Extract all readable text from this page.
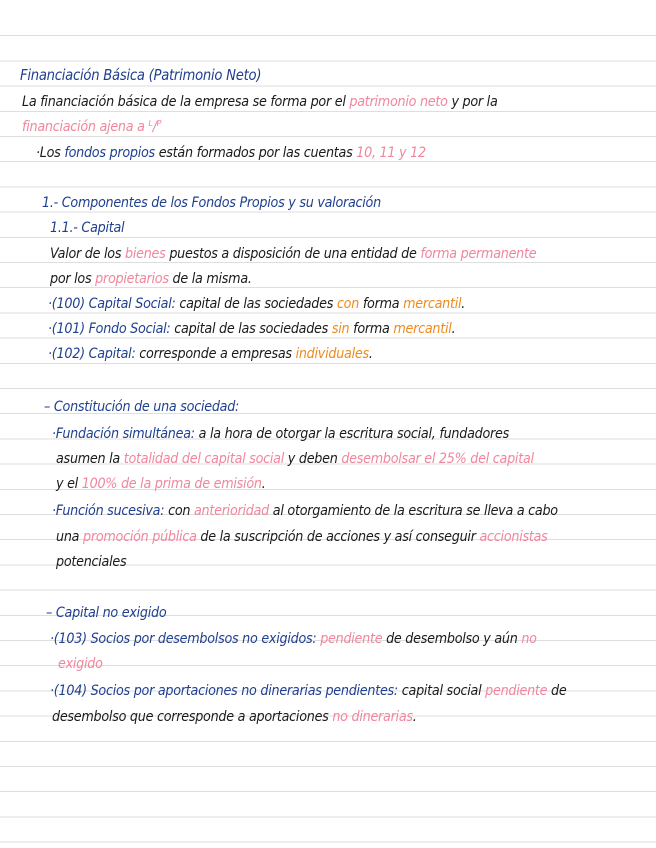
Financiación Básica (Patrimonio Neto)
La financiación básica de la empresa se forma por el patrimonio neto y por la
financiación ajena a ᴸ/ᴾ
·Los fondos propios están formados por las cuentas 10, 11 y 12
1.- Componentes de los Fondos Propios y su valoración
1.1.- Capital
Valor de los bienes puestos a disposición de una entidad de forma permanente
por los propietarios de la misma.
·(100) Capital Social: capital de las sociedades con forma mercantil.
·(101) Fondo Social: capital de las sociedades sin forma mercantil.
·(102) Capital: corresponde a empresas individuales.
– Constitución de una sociedad:
·Fundación simultánea: a la hora de otorgar la escritura social, fundadores
asumen la totalidad del capital social y deben desembolsar el 25% del capital
y el 100% de la prima de emisión.
·Función sucesiva: con anterioridad al otorgamiento de la escritura se lleva a cabo
una promoción pública de la suscripción de acciones y así conseguir accionistas
potenciales
– Capital no exigido
·(103) Socios por desembolsos no exigidos: pendiente de desembolso y aún no
exigido
·(104) Socios por aportaciones no dinerarias pendientes: capital social pendiente de
desembolso que corresponde a aportaciones no dinerarias.
